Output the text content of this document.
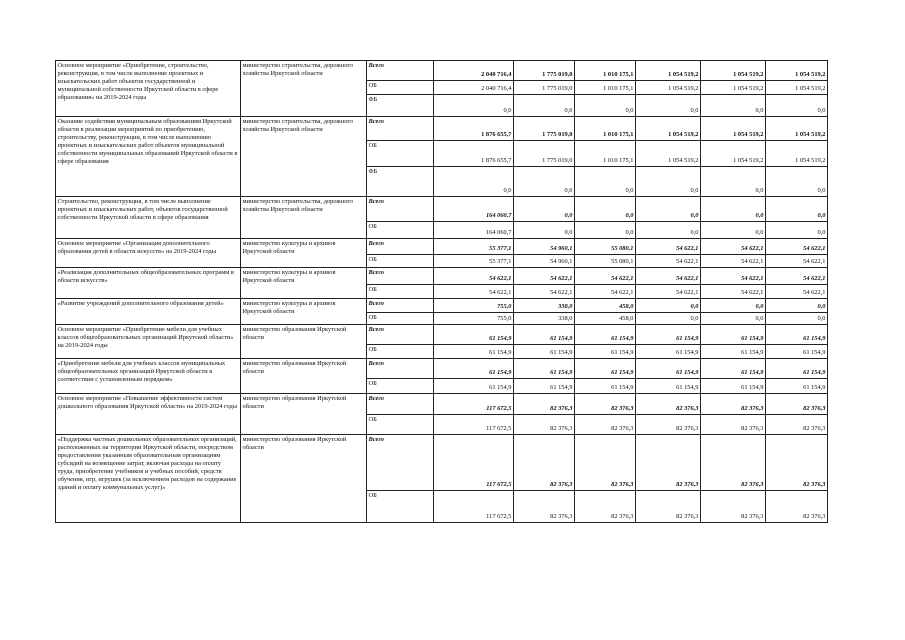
Основное мероприятие «Приобретение, строительство, реконструкция, в том числе выполнение проектных и изыскательских работ объектов государственной и муниципальной собственности Иркутской области в сфере образования» на 2019-2024 годы	министерство строительства, дорожного хозяйства Иркутской области	Всего	2 040 716,4	1 775 019,0	1 010 175,1	1 054 519,2	1 054 519,2	1 054 519,2
		ОБ	2 040 716,4	1 775 019,0	1 010 175,1	1 054 519,2	1 054 519,2	1 054 519,2
		ФБ	0,0	0,0	0,0	0,0	0,0	0,0
Оказание содействия муниципальным образованиям Иркутской области в реализации мероприятий по приобретению, строительству, реконструкции, в том числе выполнению проектных и изыскательских работ объектов муниципальной собственности муниципальных образований Иркутской области в сфере образования	министерство строительства, дорожного хозяйства Иркутской области	Всего	1 876 655,7	1 775 019,0	1 010 175,1	1 054 519,2	1 054 519,2	1 054 519,2
		ОБ	1 876 655,7	1 775 019,0	1 010 175,1	1 054 519,2	1 054 519,2	1 054 519,2
		ФБ	0,0	0,0	0,0	0,0	0,0	0,0
Строительство, реконструкция, в том числе выполнение проектных и изыскательских работ, объектов государственной собственности Иркутской области в сфере образования	министерство строительства, дорожного хозяйства Иркутской области	Всего	164 060,7	0,0	0,0	0,0	0,0	0,0
		ОБ	164 060,7	0,0	0,0	0,0	0,0	0,0
Основное мероприятие «Организация дополнительного образования детей в области искусств» на 2019-2024 годы	министерство культуры и архивов Иркутской области	Всего	55 377,1	54 960,1	55 080,1	54 622,1	54 622,1	54 622,1
		ОБ	55 377,1	54 960,1	55 080,1	54 622,1	54 622,1	54 622,1
«Реализация дополнительных общеобразовательных программ в области искусств»	министерство культуры и архивов Иркутской области	Всего	54 622,1	54 622,1	54 622,1	54 622,1	54 622,1	54 622,1
		ОБ	54 622,1	54 622,1	54 622,1	54 622,1	54 622,1	54 622,1
«Развитие учреждений дополнительного образования детей»	министерство культуры и архивов Иркутской области	Всего	755,0	338,0	458,0	0,0	0,0	0,0
		ОБ	755,0	338,0	458,0	0,0	0,0	0,0
Основное мероприятие «Приобретение мебели для учебных классов общеобразовательных организаций Иркутской области» на 2019-2024 годы	министерство образования Иркутской области	Всего	61 154,9	61 154,9	61 154,9	61 154,9	61 154,9	61 154,9
		ОБ	61 154,9	61 154,9	61 154,9	61 154,9	61 154,9	61 154,9
«Приобретение мебели для учебных классов муниципальных общеобразовательных организаций Иркутской области в соответствии с установленным порядком»	министерство образования Иркутской области	Всего	61 154,9	61 154,9	61 154,9	61 154,9	61 154,9	61 154,9
		ОБ	61 154,9	61 154,9	61 154,9	61 154,9	61 154,9	61 154,9
Основное мероприятие «Повышение эффективности систем дошкольного образования Иркутской области» на 2019-2024 годы	министерство образования Иркутской области	Всего	117 672,5	82 376,3	82 376,3	82 376,3	82 376,3	82 376,3
		ОБ	117 672,5	82 376,3	82 376,3	82 376,3	82 376,3	82 376,3
«Поддержка частных дошкольных образовательных организаций, расположенных на территории Иркутской области, посредством предоставления указанным образовательным организациям субсидий на возмещение затрат, включая расходы на оплату труда, приобретение учебников и учебных пособий, средств обучения, игр, игрушек (за исключением расходов на содержание зданий и оплату коммунальных услуг)»	министерство образования Иркутской области	Всего	117 672,5	82 376,3	82 376,3	82 376,3	82 376,3	82 376,3
		ОБ	117 672,5	82 376,3	82 376,3	82 376,3	82 376,3	82 376,3
